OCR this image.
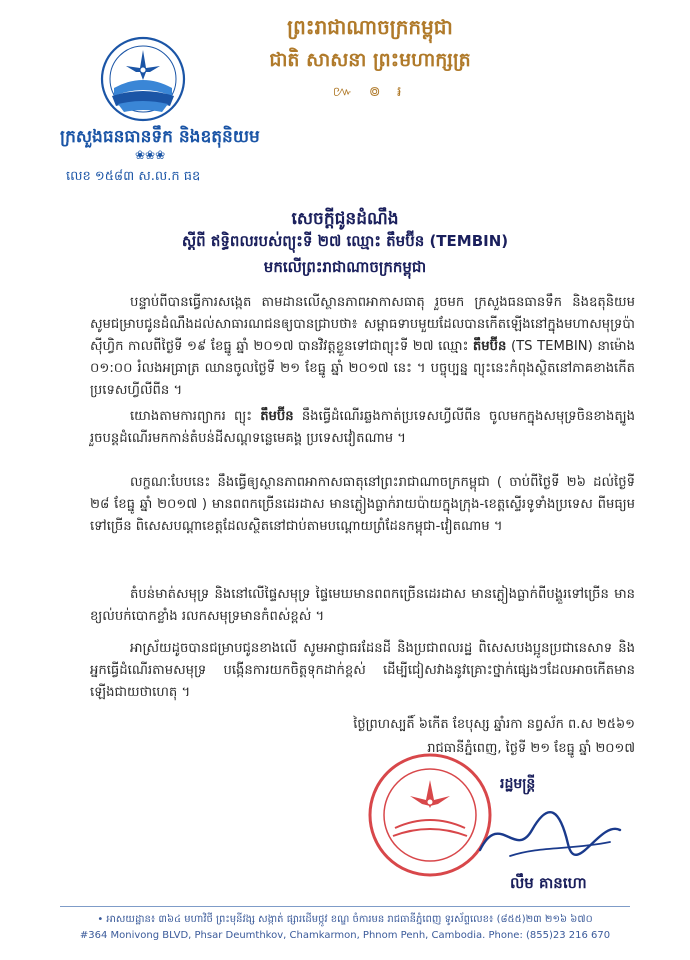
ព្រះរាជាណាចក្រកម្ពុជា
ជាតិ សាសនា ព្រះមហាក្សត្រ
៚ ៙ ៛
ក្រសួងធនធានទឹក និងឧតុនិយម
❀❀❀
លេខ ១៥៨៣ ស.ល.ក ធឧ
សេចក្តីជូនដំណឹង
ស្តីពី ឥទ្ធិពលរបស់ព្យុះទី ២៧ ឈ្មោះ តឹមប៊ីន (TEMBIN)
មកលើព្រះរាជាណាចក្រកម្ពុជា
បន្ទាប់ពីបានធ្វើការសង្កេត តាមដានលើស្ថានភាពអាកាសធាតុ រួចមក ក្រសួងធនធានទឹក និងឧតុនិយម សូមជម្រាបជូនដំណឹងដល់សាធារណជនឲ្យបានជ្រាបថា៖ សម្ពាធទាបមួយដែលបានកើតឡើងនៅក្នុងមហាសមុទ្រប៉ាស៊ីហ្វិក កាលពីថ្ងៃទី ១៩ ខែធ្នូ ឆ្នាំ ២០១៧ បានវិវត្តខ្លួនទៅជាព្យុះទី ២៧ ឈ្មោះ តឹមប៊ីន (TS TEMBIN) នាម៉ោង ០១:០០ រំលងអធ្រាត្រ ឈានចូលថ្ងៃទី ២១ ខែធ្នូ ឆ្នាំ ២០១៧ នេះ ។ បច្ចុប្បន្ន ព្យុះនេះកំពុងស្ថិតនៅភាគខាងកើតប្រទេសហ្វីលីពីន ។
យោងតាមការព្យាករ ព្យុះ តឹមប៊ីន នឹងធ្វើដំណើរឆ្លងកាត់ប្រទេសហ្វីលីពីន ចូលមកក្នុងសមុទ្រចិនខាងត្បូង រួចបន្តដំណើរមកកាន់តំបន់ដីសណ្តទន្លេមេគង្គ ប្រទេសវៀតណាម ។
លក្ខណៈបែបនេះ នឹងធ្វើឲ្យស្ថានភាពអាកាសធាតុនៅព្រះរាជាណាចក្រកម្ពុជា ( ចាប់ពីថ្ងៃទី ២៦ ដល់ថ្ងៃទី ២៨ ខែធ្នូ ឆ្នាំ ២០១៧ ) មានពពកច្រើនដេរដាស មានភ្លៀងធ្លាក់រាយប៉ាយក្នុងក្រុង-ខេត្តស្ទើរទូទាំងប្រទេស ពីមធ្យមទៅច្រើន ពិសេសបណ្តាខេត្តដែលស្ថិតនៅជាប់តាមបណ្តោយព្រំដែនកម្ពុជា-វៀតណាម ។
តំបន់មាត់សមុទ្រ និងនៅលើផ្ទៃសមុទ្រ ផ្ទៃមេឃមានពពកច្រើនដេរដាស មានភ្លៀងធ្លាក់ពីបង្គួរទៅច្រើន មានខ្យល់បក់បោកខ្លាំង រលកសមុទ្រមានកំពស់ខ្ពស់ ។
អាស្រ័យដូចបានជម្រាបជូនខាងលើ សូមអាជ្ញាធរដែនដី និងប្រជាពលរដ្ឋ ពិសេសបងប្អូនប្រជានេសាទ និងអ្នកធ្វើដំណើរតាមសមុទ្រ បង្កើនការយកចិត្តទុកដាក់ខ្ពស់ ដើម្បីជៀសវាងនូវគ្រោះថ្នាក់ផ្សេងៗដែលអាចកើតមានឡើងជាយថាហេតុ ។
ថ្ងៃព្រហស្បតិ៍ ៦កើត ខែបុស្ស ឆ្នាំរកា នព្វស័ក ព.ស ២៥៦១
រាជធានីភ្នំពេញ, ថ្ងៃទី ២១ ខែធ្នូ ឆ្នាំ ២០១៧
រដ្ឋមន្ត្រី
លឹម គានហោ
• អាសយដ្ឋាន៖ ៣៦៤ មហាវិថី ព្រះមុនីវង្ស សង្កាត់ ផ្សារដើមថ្កូវ ខណ្ឌ ចំការមន រាជធានីភ្នំពេញ ទូរស័ព្ទលេខ៖ (៨៥៥)២៣ ២១៦ ៦៧០
#364 Monivong BLVD, Phsar Deumthkov, Chamkarmon, Phnom Penh, Cambodia. Phone: (855)23 216 670
